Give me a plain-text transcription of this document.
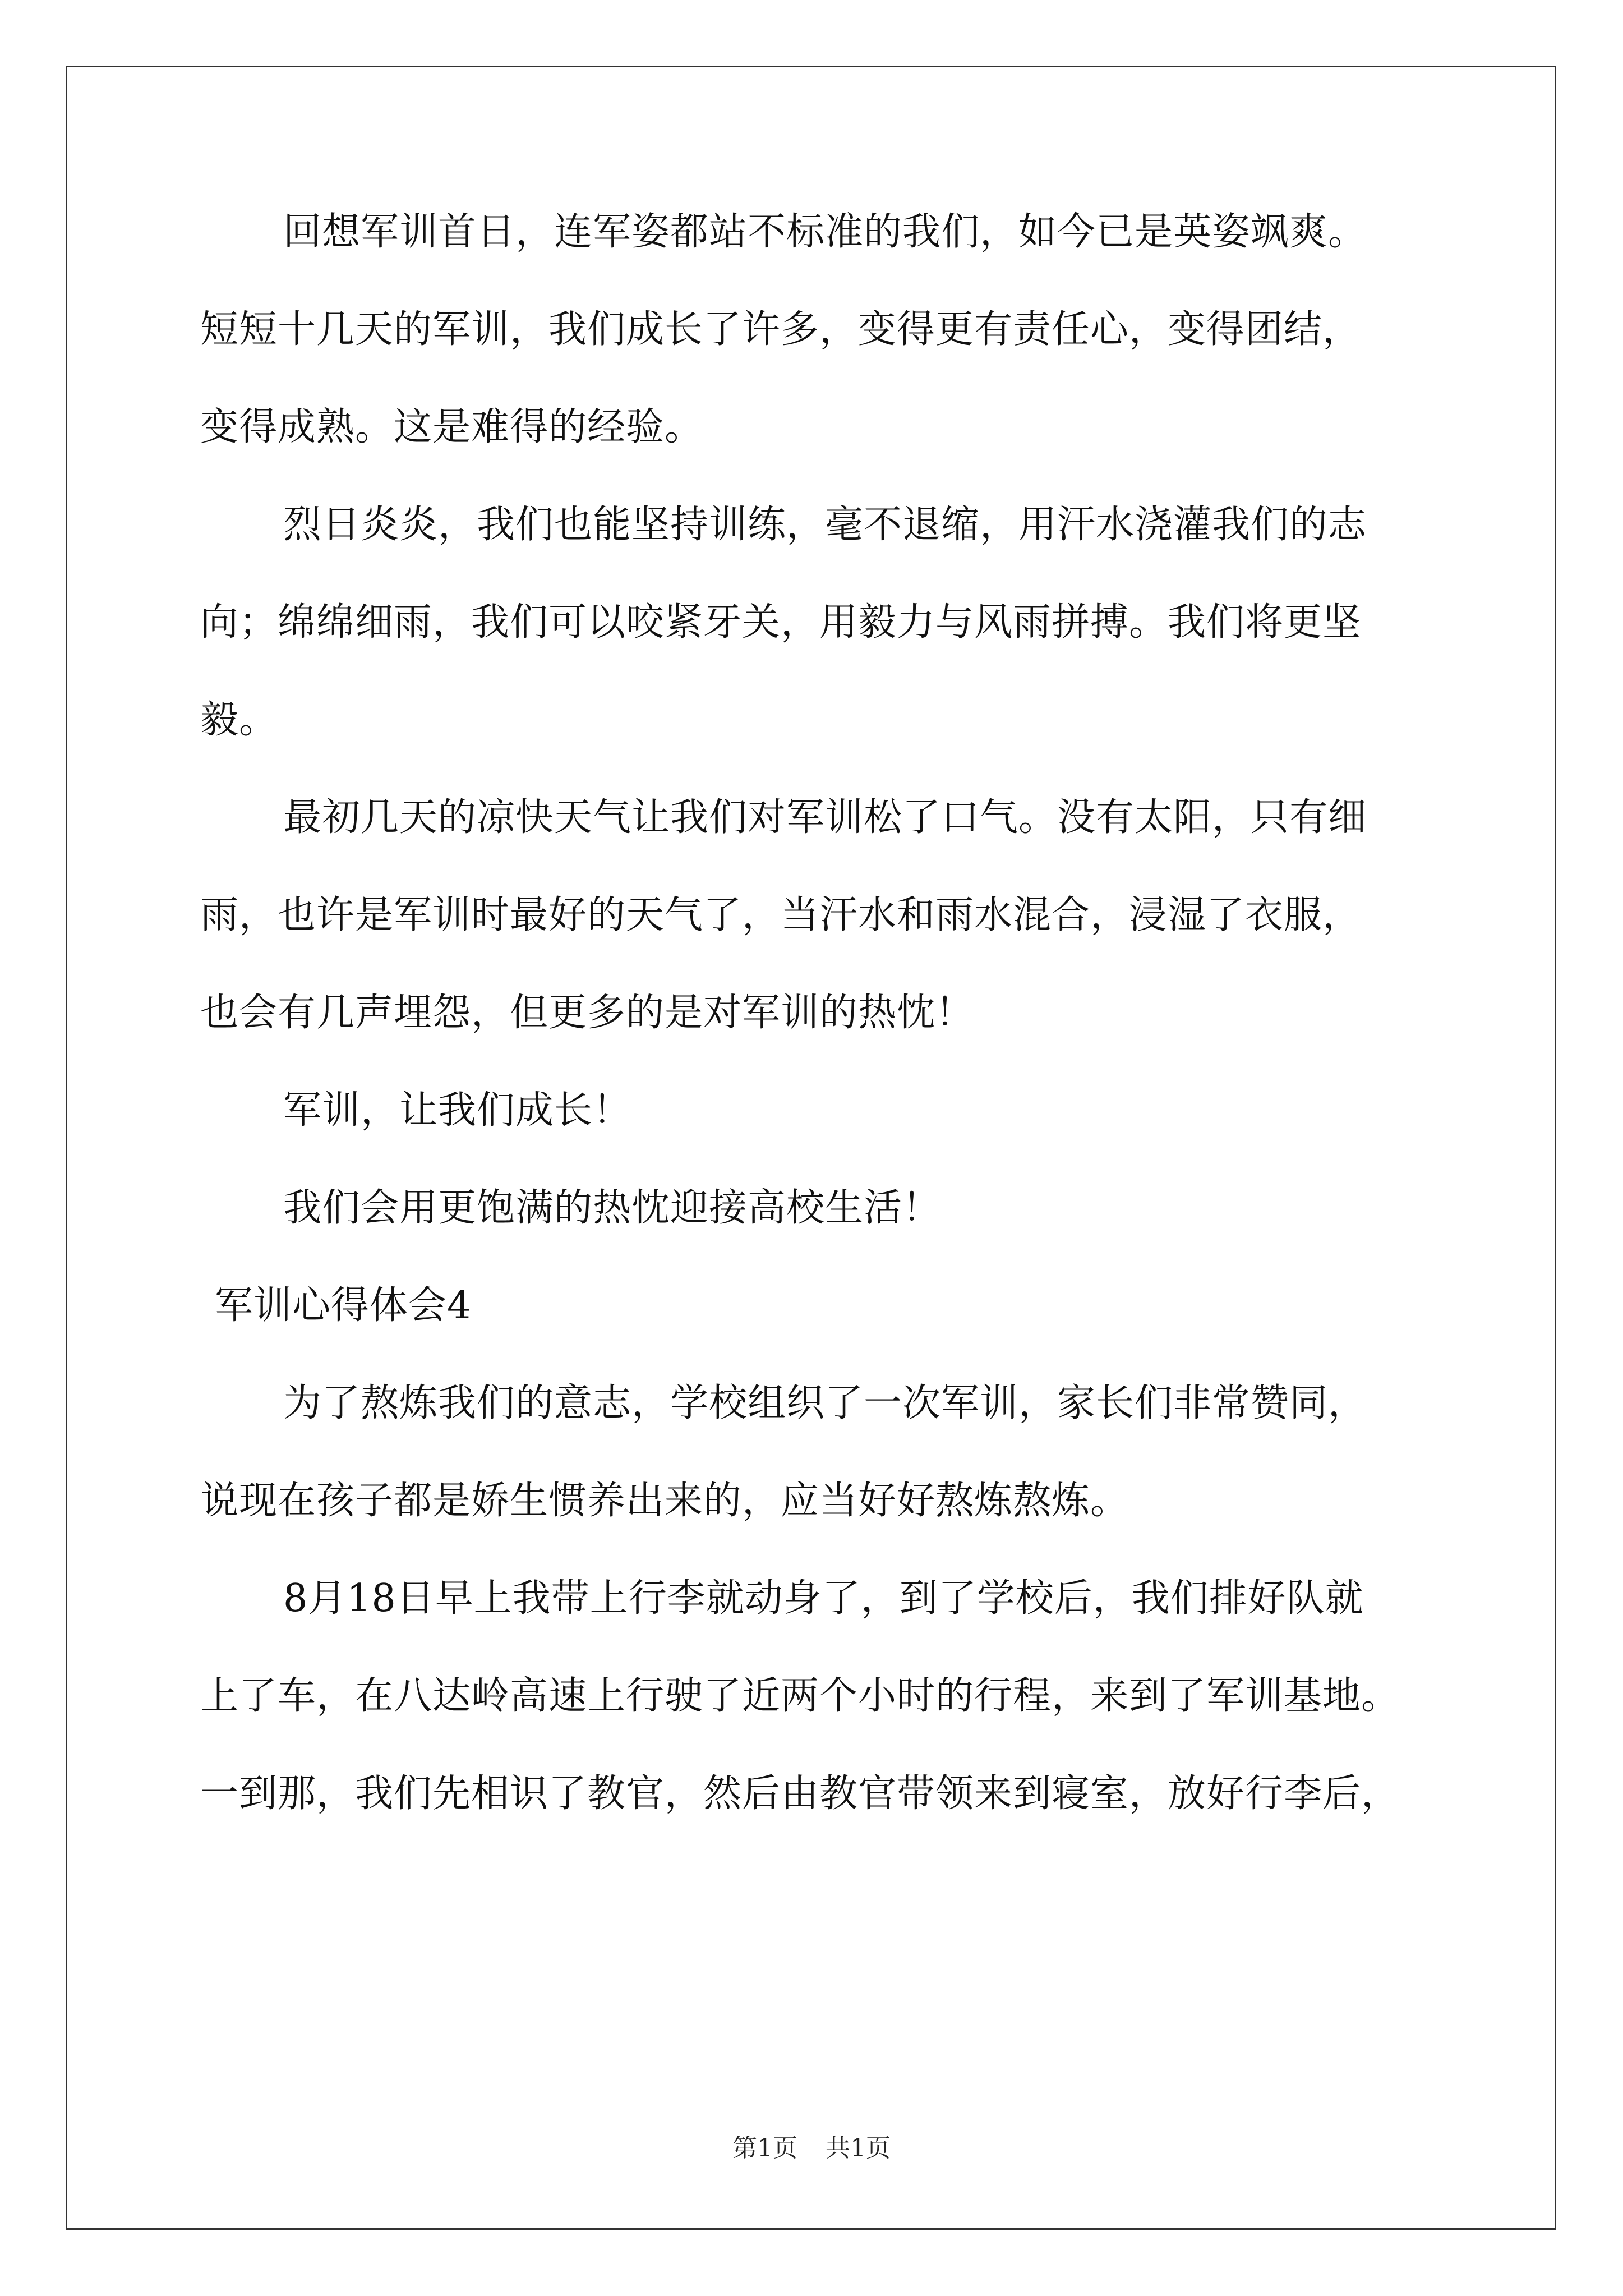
回想军训首日，连军姿都站不标准的我们，如今已是英姿飒爽。
短短十几天的军训，我们成长了许多，变得更有责任心，变得团结，
变得成熟。这是难得的经验。
烈日炎炎，我们也能坚持训练，毫不退缩，用汗水浇灌我们的志
向；绵绵细雨，我们可以咬紧牙关，用毅力与风雨拼搏。我们将更坚
毅。
最初几天的凉快天气让我们对军训松了口气。没有太阳，只有细
雨，也许是军训时最好的天气了，当汗水和雨水混合，浸湿了衣服，
也会有几声埋怨，但更多的是对军训的热忱！
军训，让我们成长！
我们会用更饱满的热忱迎接高校生活！
军训心得体会4
为了熬炼我们的意志，学校组织了一次军训，家长们非常赞同，
说现在孩子都是娇生惯养出来的，应当好好熬炼熬炼。
8月18日早上我带上行李就动身了，到了学校后，我们排好队就
上了车，在八达岭高速上行驶了近两个小时的行程，来到了军训基地。
一到那，我们先相识了教官，然后由教官带领来到寝室，放好行李后，
第1页 共1页
